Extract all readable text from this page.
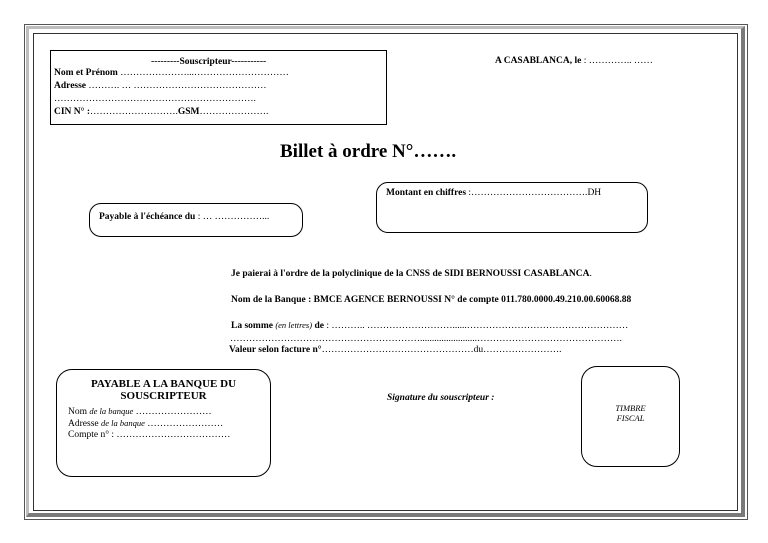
---------Souscripteur-----------
Nom et Prénom …………………...…………………………
Adresse ………. … ……………………………………
……………………………………………………….
CIN N° :……………………….GSM………………….
A CASABLANCA, le : ………….. ……
Billet à ordre N°…….
Montant en chiffres :……………………………….DH
Payable à l'échéance du : … ……………...
Je paierai à l'ordre de la polyclinique de la CNSS de SIDI BERNOUSSI CASABLANCA.
Nom de la Banque : BMCE AGENCE BERNOUSSI N° de compte 011.780.0000.49.210.00.60068.88
La somme (en lettres) de : ……….. ………………………......……………………………………………
……………………………………………………........................……………………………………….
Valeur selon facture n°…………………………………………du…………………….
PAYABLE A LA BANQUE DU
SOUSCRIPTEUR
Nom de la banque ……………………
Adresse de la banque ……………………
Compte n° : ………………………………
Signature du souscripteur :
TIMBRE
FISCAL
